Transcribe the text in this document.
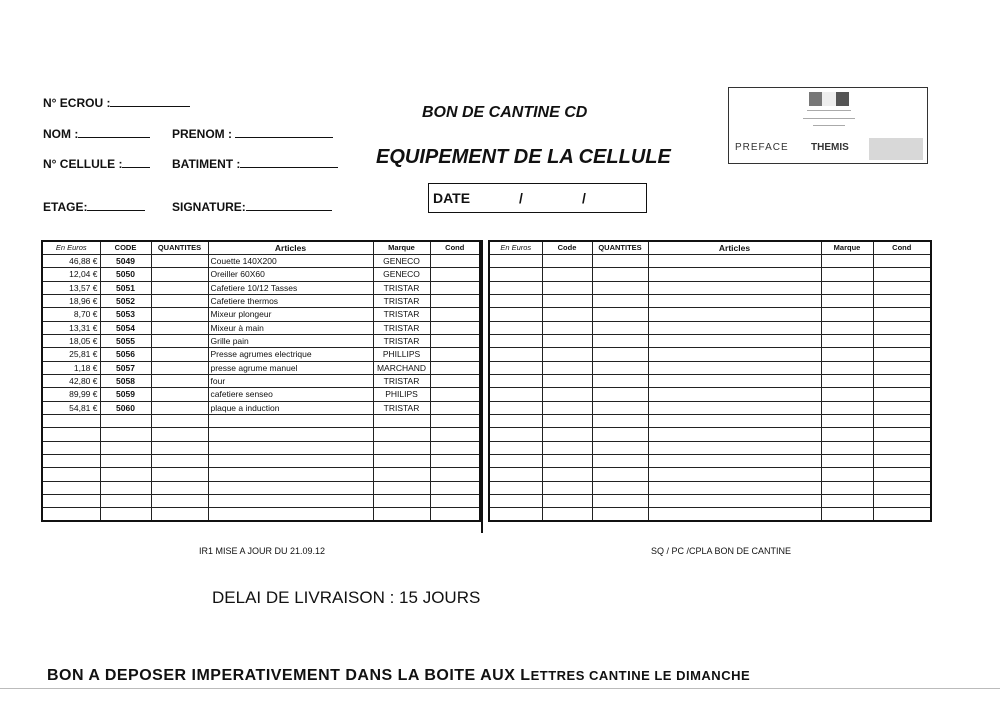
N° ECROU :
NOM :	PRENOM :
N° CELLULE :	BATIMENT :
ETAGE:	SIGNATURE:
BON DE CANTINE CD
EQUIPEMENT DE LA CELLULE
DATE	/	/
PREFACE THEMIS
En Euros	CODE	QUANTITES	Articles	Marque	Cond
46,88 €	5049		Couette 140X200	GENECO	
12,04 €	5050		Oreiller 60X60	GENECO	
13,57 €	5051		Cafetiere 10/12 Tasses	TRISTAR	
18,96 €	5052		Cafetiere thermos	TRISTAR	
8,70 €	5053		Mixeur plongeur	TRISTAR	
13,31 €	5054		Mixeur à main	TRISTAR	
18,05 €	5055		Grille pain	TRISTAR	
25,81 €	5056		Presse agrumes electrique	PHILLIPS	
1,18 €	5057		presse agrume manuel	MARCHAND	
42,80 €	5058		four	TRISTAR	
89,99 €	5059		cafetiere senseo	PHILIPS	
54,81 €	5060		plaque a induction	TRISTAR	

En Euros	Code	QUANTITES	Articles	Marque	Cond

IR1 MISE A JOUR DU 21.09.12	SQ / PC /CPLA BON DE CANTINE
DELAI DE LIVRAISON : 15 JOURS
BON A DEPOSER IMPERATIVEMENT DANS LA BOITE AUX LETTRES CANTINE LE DIMANCHE
